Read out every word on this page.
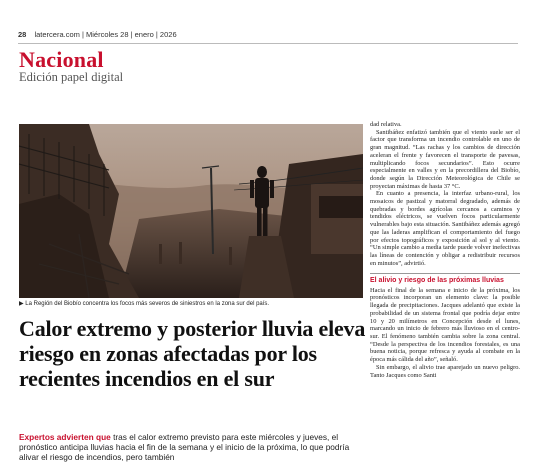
28 latercera.com | Miércoles 28 | enero | 2026
Nacional
Edición papel digital
▶ La Región del Biobío concentra los focos más severos de siniestros en la zona sur del país.
Calor extremo y posterior lluvia eleva riesgo en zonas afectadas por los recientes incendios en el sur
Expertos advierten que tras el calor extremo previsto para este miércoles y jueves, el pronóstico anticipa lluvias hacia el fin de la semana y el inicio de la próxima, lo que podría alivar el riesgo de incendios, pero también

dad relativa.

Santibáñez enfatizó también que el viento suele ser el factor que transforma un incendio controlable en uno de gran magnitud. “Las rachas y los cambios de dirección aceleran el frente y favorecen el transporte de pavesas, multiplicando focos secundarios”. Esto ocurre especialmente en valles y en la precordillera del Biobío, donde según la Dirección Meteorológica de Chile se proyectan máximas de hasta 37 °C.

En cuanto a presencia, la interfaz urbano-rural, los mosaicos de pastizal y matorral degradado, además de quebradas y bordes agrícolas cercanos a caminos y tendidos eléctricos, se vuelven focos particularmente vulnerables bajo esta situación. Santibáñez además agregó que las laderas amplifican el comportamiento del fuego por efectos topográficos y exposición al sol y al viento. “Un simple cambio a media tarde puede volver inefectivas las líneas de contención y obligar a redistribuir recursos en minutos”, advirtió.

El alivio y riesgo de las próximas lluvias

Hacia el final de la semana e inicio de la próxima, los pronósticos incorporan un elemento clave: la posible llegada de precipitaciones. Jacques adelantó que existe la probabilidad de un sistema frontal que podría dejar entre 10 y 20 milímetros en Concepción desde el lunes, marcando un inicio de febrero más lluvioso en el centro-sur. El fenómeno también cambia sobre la zona central. “Desde la perspectiva de los incendios forestales, es una buena noticia, porque refresca y ayuda al combate en la época más cálida del año”, señaló.

Sin embargo, el alivio trae aparejado un nuevo peligro. Tanto Jacques como Santi
